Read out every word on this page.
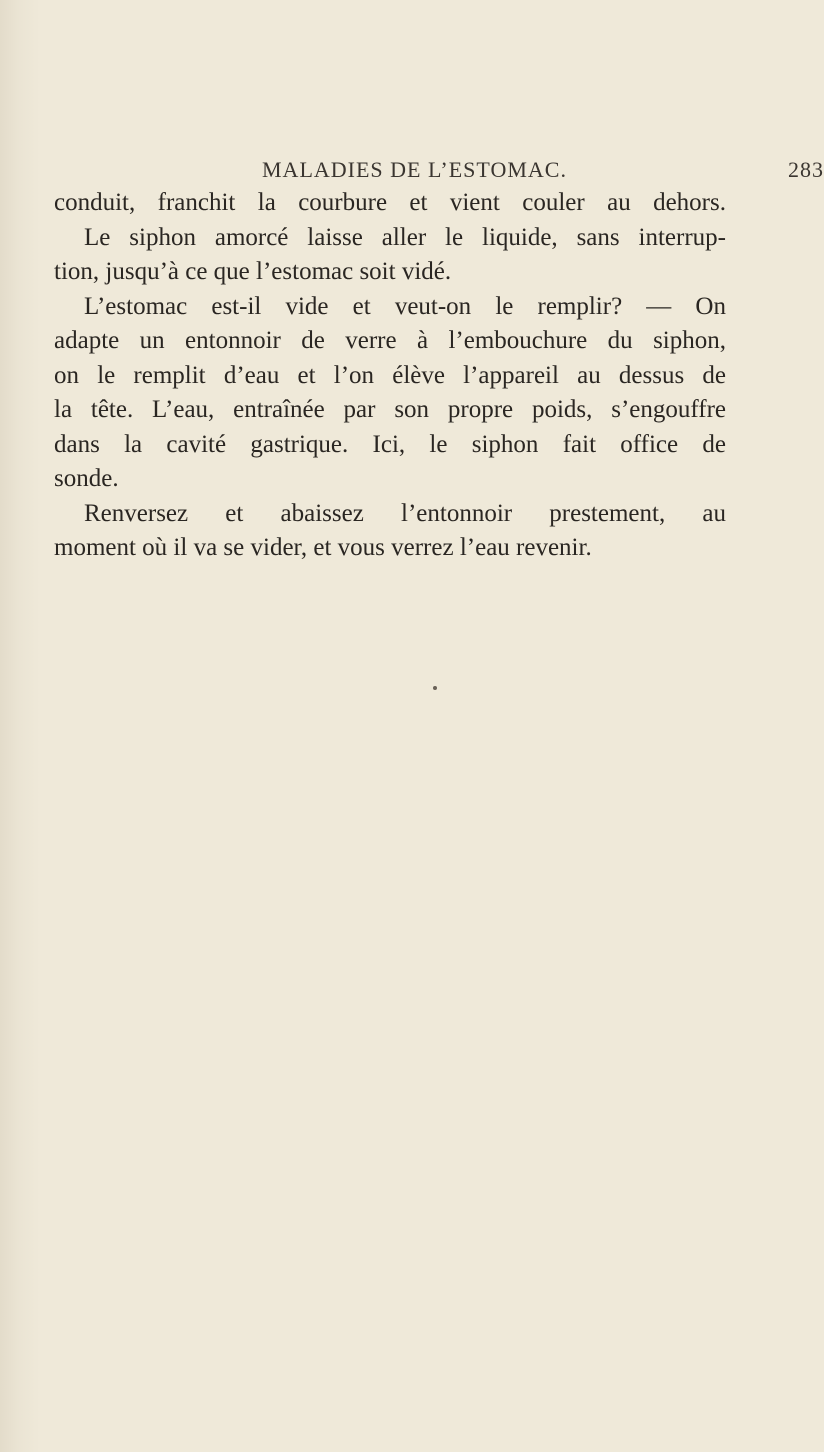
MALADIES DE L’ESTOMAC.	283
conduit, franchit la courbure et vient couler au dehors.
Le siphon amorcé laisse aller le liquide, sans interrup-
tion, jusqu’à ce que l’estomac soit vidé.
L’estomac est-il vide et veut-on le remplir? — On
adapte un entonnoir de verre à l’embouchure du siphon,
on le remplit d’eau et l’on élève l’appareil au dessus de
la tête. L’eau, entraînée par son propre poids, s’engouffre
dans la cavité gastrique. Ici, le siphon fait office de
sonde.
Renversez et abaissez l’entonnoir prestement, au
moment où il va se vider, et vous verrez l’eau revenir.
